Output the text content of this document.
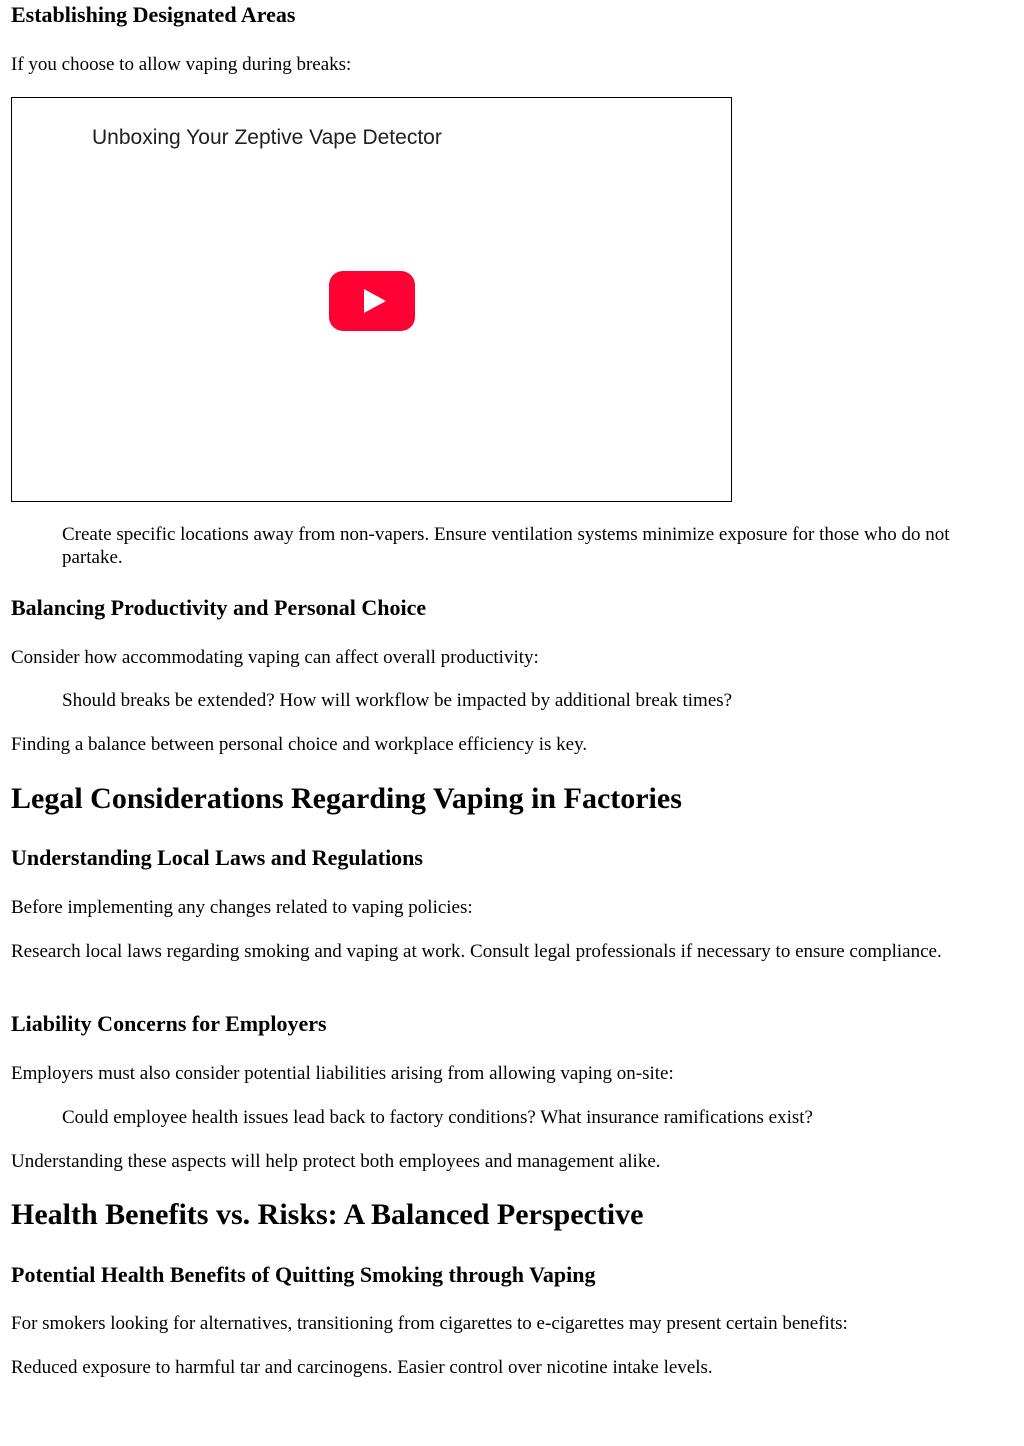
Establishing Designated Areas

If you choose to allow vaping during breaks:

Unboxing Your Zeptive Vape Detector

Create specific locations away from non-vapers. Ensure ventilation systems minimize exposure for those who do not partake.

Balancing Productivity and Personal Choice

Consider how accommodating vaping can affect overall productivity:

Should breaks be extended? How will workflow be impacted by additional break times?

Finding a balance between personal choice and workplace efficiency is key.

Legal Considerations Regarding Vaping in Factories
Understanding Local Laws and Regulations

Before implementing any changes related to vaping policies:

Research local laws regarding smoking and vaping at work. Consult legal professionals if necessary to ensure compliance.

Liability Concerns for Employers

Employers must also consider potential liabilities arising from allowing vaping on-site:

Could employee health issues lead back to factory conditions? What insurance ramifications exist?

Understanding these aspects will help protect both employees and management alike.

Health Benefits vs. Risks: A Balanced Perspective
Potential Health Benefits of Quitting Smoking through Vaping

For smokers looking for alternatives, transitioning from cigarettes to e-cigarettes may present certain benefits:

Reduced exposure to harmful tar and carcinogens. Easier control over nicotine intake levels.
